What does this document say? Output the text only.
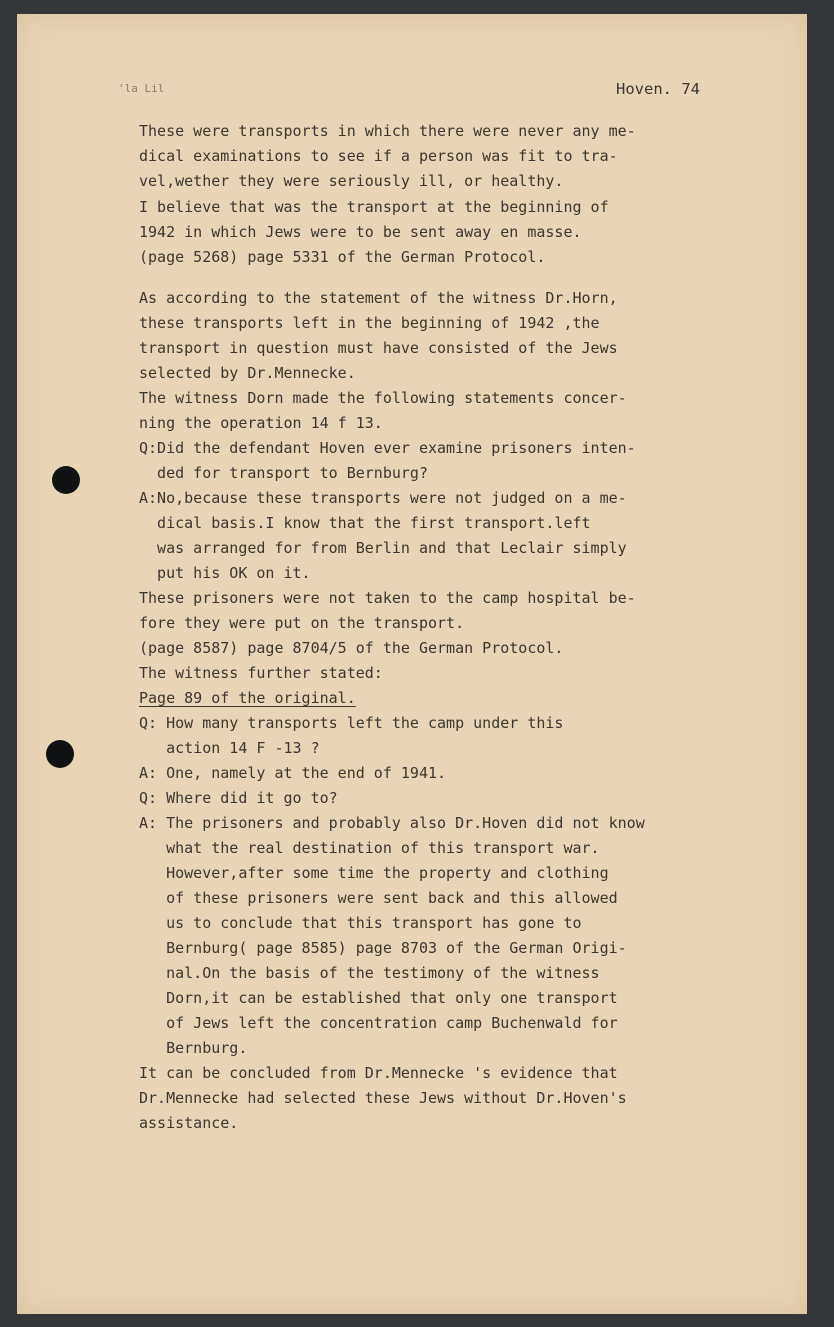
'la Lil	Hoven. 74
These were transports in which there were never any me-
dical examinations to see if a person was fit to tra-
vel,wether they were seriously ill, or healthy.
I believe that was the transport at the beginning of
1942 in which Jews were to be sent away en masse.
(page 5268) page 5331 of the German Protocol.
As according to the statement of the witness Dr.Horn,
these transports left in the beginning of 1942 ,the
transport in question must have consisted of the Jews
selected by Dr.Mennecke.
The witness Dorn made the following statements concer-
ning the operation 14 f 13.
Q:Did the defendant Hoven ever examine prisoners inten-
ded for transport to Bernburg?
A:No,because these transports were not judged on a me-
dical basis.I know that the first transport.left
was arranged for from Berlin and that Leclair simply
put his OK on it.
These prisoners were not taken to the camp hospital be-
fore they were put on the transport.
(page 8587) page 8704/5 of the German Protocol.
The witness further stated:
Page 89 of the original.
Q: How many transports left the camp under this
action 14 F -13 ?
A: One, namely at the end of 1941.
Q: Where did it go to?
A: The prisoners and probably also Dr.Hoven did not know
what the real destination of this transport war.
However,after some time the property and clothing
of these prisoners were sent back and this allowed
us to conclude that this transport has gone to
Bernburg( page 8585) page 8703 of the German Origi-
nal.On the basis of the testimony of the witness
Dorn,it can be established that only one transport
of Jews left the concentration camp Buchenwald for
Bernburg.
It can be concluded from Dr.Mennecke 's evidence that
Dr.Mennecke had selected these Jews without Dr.Hoven's
assistance.
